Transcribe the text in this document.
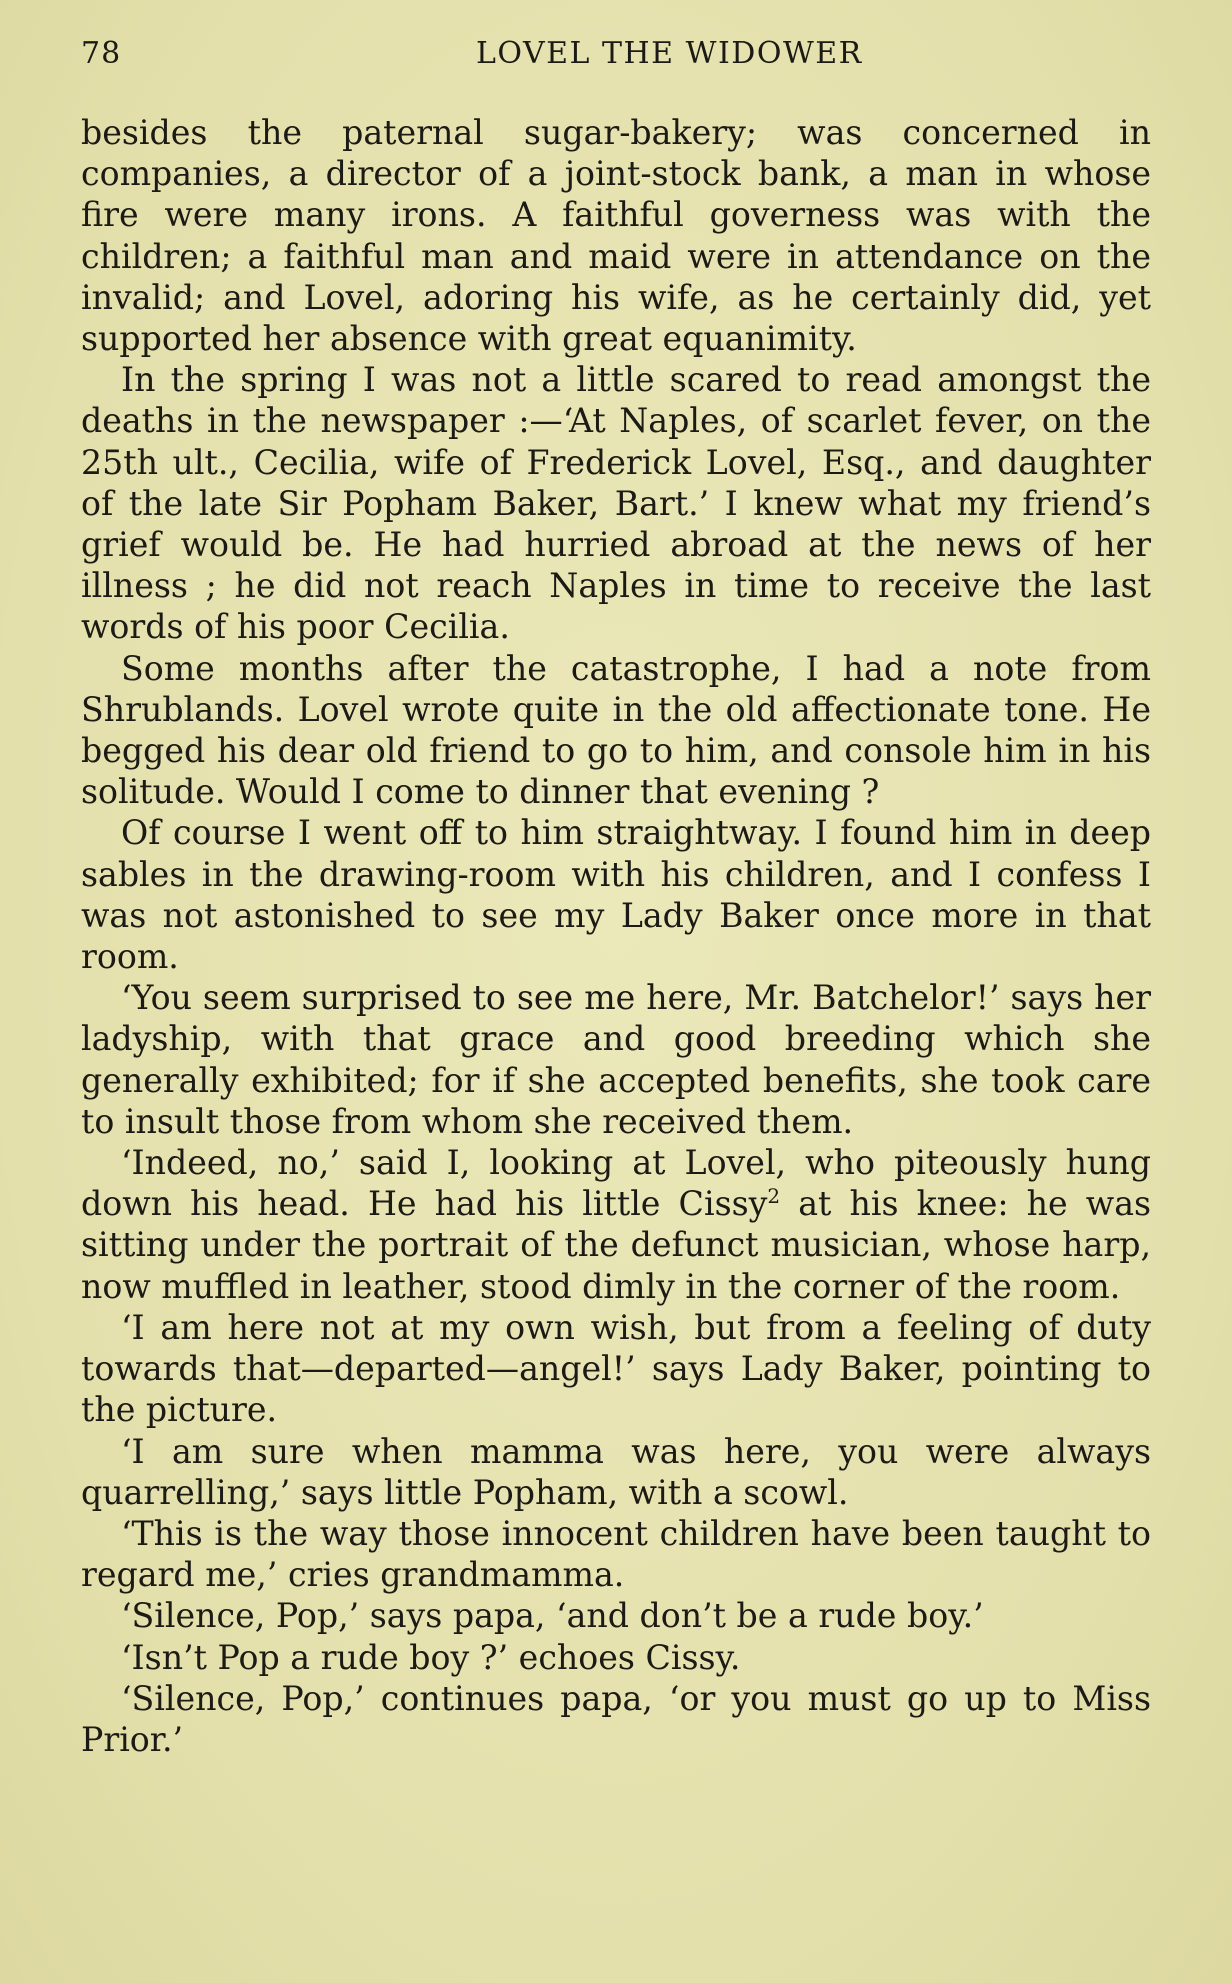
78	LOVEL THE WIDOWER

besides the paternal sugar-bakery; was concerned in companies, a director of a joint-stock bank, a man in whose fire were many irons. A faithful governess was with the children; a faithful man and maid were in attendance on the invalid; and Lovel, adoring his wife, as he certainly did, yet supported her absence with great equanimity.

In the spring I was not a little scared to read amongst the deaths in the newspaper :—‘At Naples, of scarlet fever, on the 25th ult., Cecilia, wife of Frederick Lovel, Esq., and daughter of the late Sir Popham Baker, Bart.’ I knew what my friend’s grief would be. He had hurried abroad at the news of her illness ; he did not reach Naples in time to receive the last words of his poor Cecilia.

Some months after the catastrophe, I had a note from Shrublands. Lovel wrote quite in the old affectionate tone. He begged his dear old friend to go to him, and console him in his solitude. Would I come to dinner that evening ?

Of course I went off to him straightway. I found him in deep sables in the drawing-room with his children, and I confess I was not astonished to see my Lady Baker once more in that room.

‘You seem surprised to see me here, Mr. Batchelor!’ says her ladyship, with that grace and good breeding which she generally exhibited; for if she accepted benefits, she took care to insult those from whom she received them.

‘Indeed, no,’ said I, looking at Lovel, who piteously hung down his head. He had his little Cissy$^2$ at his knee: he was sitting under the portrait of the defunct musician, whose harp, now muffled in leather, stood dimly in the corner of the room.

‘I am here not at my own wish, but from a feeling of duty towards that—departed—angel!’ says Lady Baker, pointing to the picture.

‘I am sure when mamma was here, you were always quarrelling,’ says little Popham, with a scowl.

‘This is the way those innocent children have been taught to regard me,’ cries grandmamma.

‘Silence, Pop,’ says papa, ‘and don’t be a rude boy.’

‘Isn’t Pop a rude boy ?’ echoes Cissy.

‘Silence, Pop,’ continues papa, ‘or you must go up to Miss Prior.’
